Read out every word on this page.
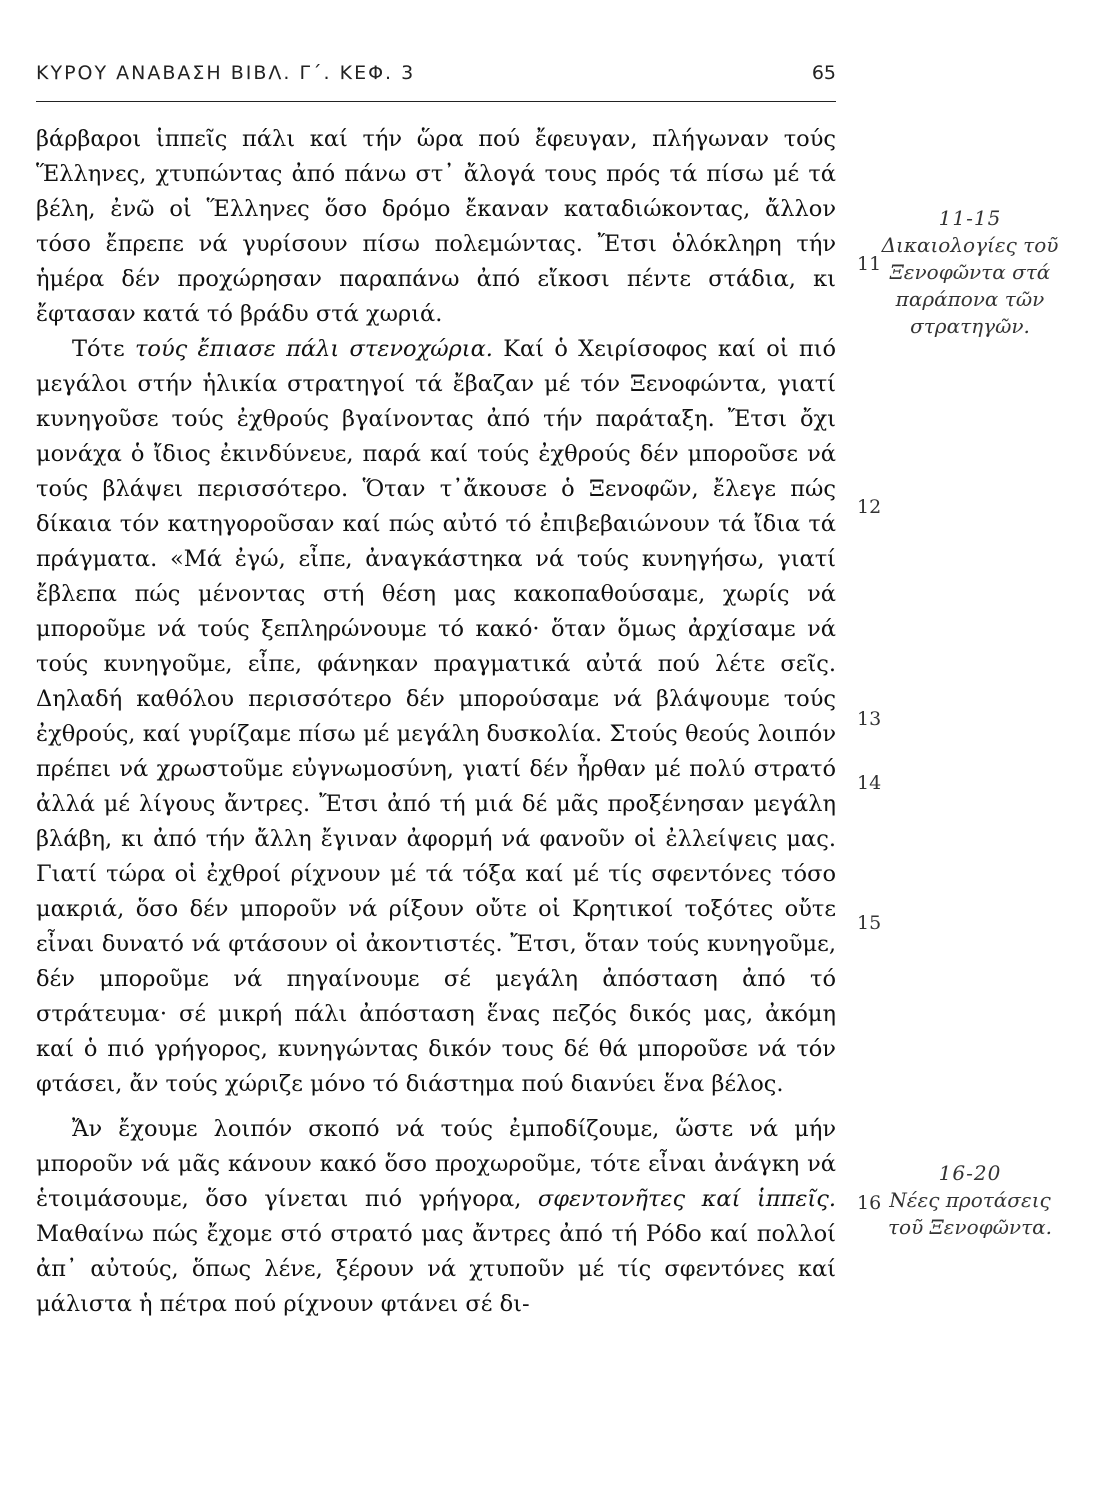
ΚΥΡΟΥ ΑΝΑΒΑΣΗ ΒΙΒΛ. Γ΄. ΚΕΦ. 3	65

βάρβαροι ἱππεῖς πάλι καί τήν ὥρα πού ἔφευγαν, πλήγωναν τούς Ἕλληνες, χτυπώντας ἀπό πάνω στ᾽ ἄλογά τους πρός τά πίσω μέ τά βέλη, ἐνῶ οἱ Ἕλληνες ὅσο δρόμο ἔκαναν καταδιώκοντας, ἄλλον τόσο ἔπρεπε νά γυρίσουν πίσω πολεμώντας. Ἔτσι ὁλόκληρη τήν ἡμέρα δέν προχώρησαν παραπάνω ἀπό εἴκοσι πέντε στάδια, κι ἔφτασαν κατά τό βράδυ στά χωριά.

Τότε τούς ἔπιασε πάλι στενοχώρια. Καί ὁ Χειρίσοφος καί οἱ πιό μεγάλοι στήν ἡλικία στρατηγοί τά ἔβαζαν μέ τόν Ξενοφώντα, γιατί κυνηγοῦσε τούς ἐχθρούς βγαίνοντας ἀπό τήν παράταξη. Ἔτσι ὄχι μονάχα ὁ ἴδιος ἐκινδύνευε, παρά καί τούς ἐχθρούς δέν μποροῦσε νά τούς βλάψει περισσότερο. Ὅταν τ᾽ἄκουσε ὁ Ξενοφῶν, ἔλεγε πώς δίκαια τόν κατηγοροῦσαν καί πώς αὐτό τό ἐπιβεβαιώνουν τά ἴδια τά πράγματα. «Μά ἐγώ, εἶπε, ἀναγκάστηκα νά τούς κυνηγήσω, γιατί ἔβλεπα πώς μένοντας στή θέση μας κακοπαθούσαμε, χωρίς νά μποροῦμε νά τούς ξεπληρώνουμε τό κακό· ὅταν ὅμως ἀρχίσαμε νά τούς κυνηγοῦμε, εἶπε, φάνηκαν πραγματικά αὐτά πού λέτε σεῖς. Δηλαδή καθόλου περισσότερο δέν μπορούσαμε νά βλάψουμε τούς ἐχθρούς, καί γυρίζαμε πίσω μέ μεγάλη δυσκολία. Στούς θεούς λοιπόν πρέπει νά χρωστοῦμε εὐγνωμοσύνη, γιατί δέν ἦρθαν μέ πολύ στρατό ἀλλά μέ λίγους ἄντρες. Ἔτσι ἀπό τή μιά δέ μᾶς προξένησαν μεγάλη βλάβη, κι ἀπό τήν ἄλλη ἔγιναν ἀφορμή νά φανοῦν οἱ ἐλλείψεις μας. Γιατί τώρα οἱ ἐχθροί ρίχνουν μέ τά τόξα καί μέ τίς σφεντόνες τόσο μακριά, ὅσο δέν μποροῦν νά ρίξουν οὔτε οἱ Κρητικοί τοξότες οὔτε εἶναι δυνατό νά φτάσουν οἱ ἀκοντιστές. Ἔτσι, ὅταν τούς κυνηγοῦμε, δέν μποροῦμε νά πηγαίνουμε σέ μεγάλη ἀπόσταση ἀπό τό στράτευμα· σέ μικρή πάλι ἀπόσταση ἕνας πεζός δικός μας, ἀκόμη καί ὁ πιό γρήγορος, κυνηγώντας δικόν τους δέ θά μποροῦσε νά τόν φτάσει, ἄν τούς χώριζε μόνο τό διάστημα πού διανύει ἕνα βέλος.

Ἄν ἔχουμε λοιπόν σκοπό νά τούς ἐμποδίζουμε, ὥστε νά μήν μποροῦν νά μᾶς κάνουν κακό ὅσο προχωροῦμε, τότε εἶναι ἀνάγκη νά ἑτοιμάσουμε, ὅσο γίνεται πιό γρήγορα, σφεντονῆτες καί ἱππεῖς. Μαθαίνω πώς ἔχομε στό στρατό μας ἄντρες ἀπό τή Ρόδο καί πολλοί ἀπ᾽ αὐτούς, ὅπως λένε, ξέρουν νά χτυποῦν μέ τίς σφεντόνες καί μάλιστα ἡ πέτρα πού ρίχνουν φτάνει σέ δι-

11
12
13
14
15
16
11-15
Δικαιολογίες τοῦ Ξενοφῶντα στά παράπονα τῶν στρατηγῶν.
16-20
Νέες προτάσεις τοῦ Ξενοφῶντα.
